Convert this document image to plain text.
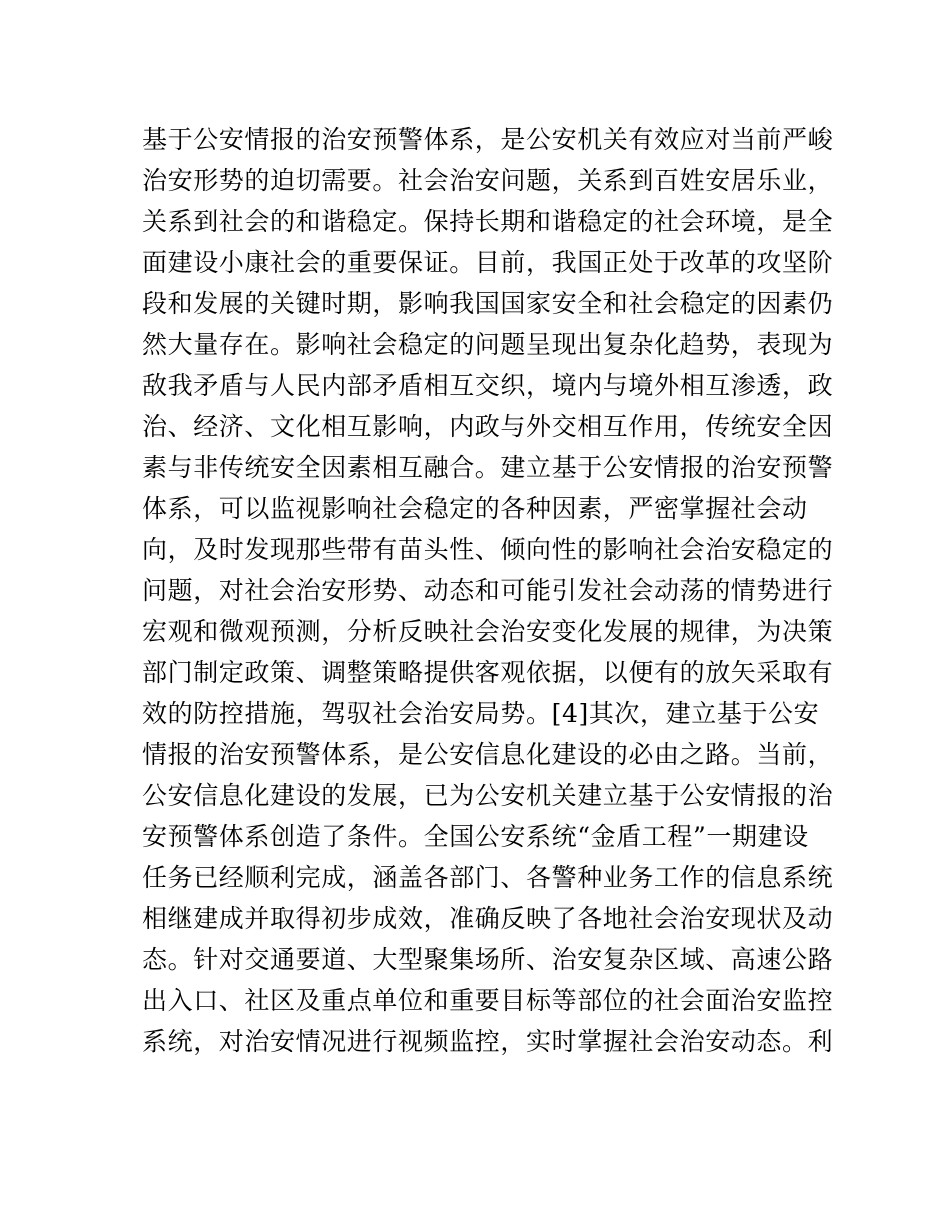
基于公安情报的治安预警体系，是公安机关有效应对当前严峻
治安形势的迫切需要。社会治安问题，关系到百姓安居乐业，
关系到社会的和谐稳定。保持长期和谐稳定的社会环境，是全
面建设小康社会的重要保证。目前，我国正处于改革的攻坚阶
段和发展的关键时期，影响我国国家安全和社会稳定的因素仍
然大量存在。影响社会稳定的问题呈现出复杂化趋势，表现为
敌我矛盾与人民内部矛盾相互交织，境内与境外相互渗透，政
治、经济、文化相互影响，内政与外交相互作用，传统安全因
素与非传统安全因素相互融合。建立基于公安情报的治安预警
体系，可以监视影响社会稳定的各种因素，严密掌握社会动
向，及时发现那些带有苗头性、倾向性的影响社会治安稳定的
问题，对社会治安形势、动态和可能引发社会动荡的情势进行
宏观和微观预测，分析反映社会治安变化发展的规律，为决策
部门制定政策、调整策略提供客观依据，以便有的放矢采取有
效的防控措施，驾驭社会治安局势。[4]其次，建立基于公安
情报的治安预警体系，是公安信息化建设的必由之路。当前，
公安信息化建设的发展，已为公安机关建立基于公安情报的治
安预警体系创造了条件。全国公安系统“金盾工程”一期建设
任务已经顺利完成，涵盖各部门、各警种业务工作的信息系统
相继建成并取得初步成效，准确反映了各地社会治安现状及动
态。针对交通要道、大型聚集场所、治安复杂区域、高速公路
出入口、社区及重点单位和重要目标等部位的社会面治安监控
系统，对治安情况进行视频监控，实时掌握社会治安动态。利
